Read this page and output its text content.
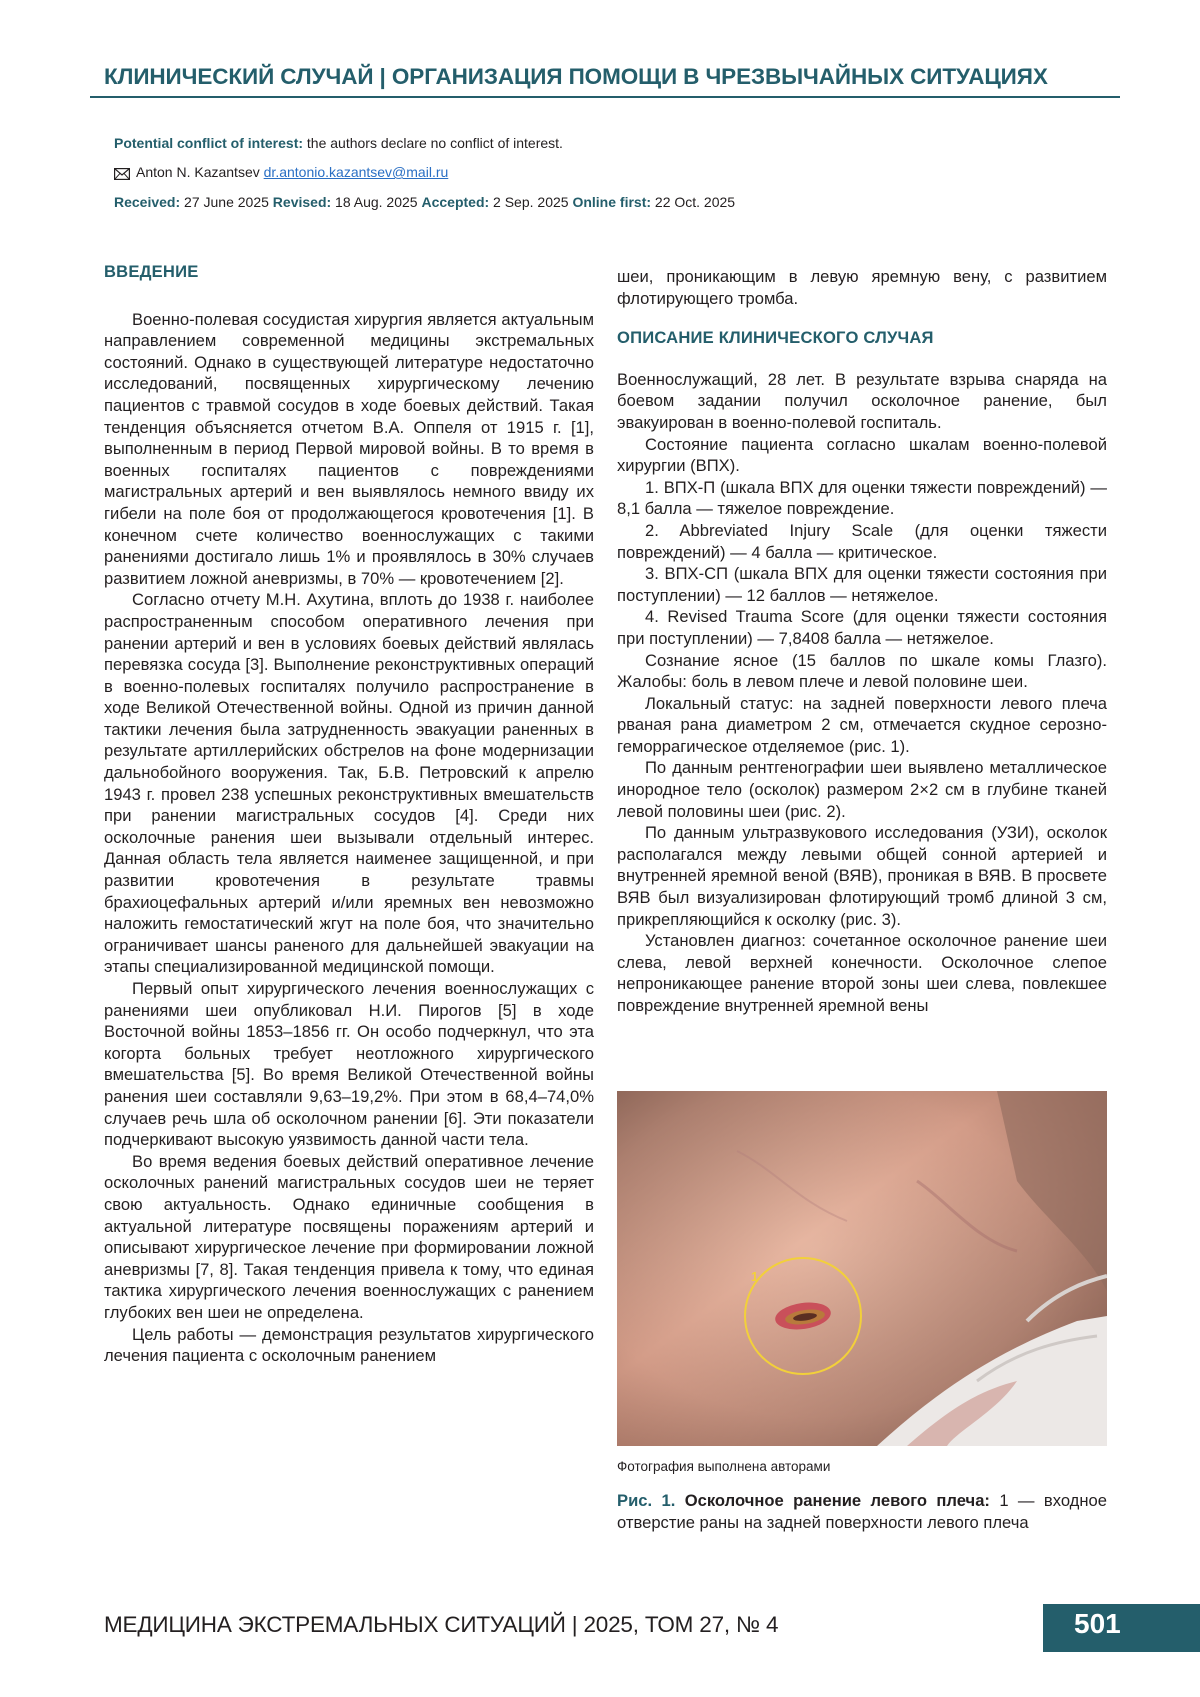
КЛИНИЧЕСКИЙ СЛУЧАЙ | ОРГАНИЗАЦИЯ ПОМОЩИ В ЧРЕЗВЫЧАЙНЫХ СИТУАЦИЯХ
Potential conflict of interest: the authors declare no conflict of interest.
Anton N. Kazantsev dr.antonio.kazantsev@mail.ru
Received: 27 June 2025 Revised: 18 Aug. 2025 Accepted: 2 Sep. 2025 Online first: 22 Oct. 2025
ВВЕДЕНИЕ

Военно-полевая сосудистая хирургия является актуальным направлением современной медицины экстремальных состояний. Однако в существующей литературе недостаточно исследований, посвященных хирургическому лечению пациентов с травмой сосудов в ходе боевых действий. Такая тенденция объясняется отчетом В.А. Оппеля от 1915 г. [1], выполненным в период Первой мировой войны. В то время в военных госпиталях пациентов с повреждениями магистральных артерий и вен выявлялось немного ввиду их гибели на поле боя от продолжающегося кровотечения [1]. В конечном счете количество военнослужащих с такими ранениями достигало лишь 1% и проявлялось в 30% случаев развитием ложной аневризмы, в 70% — кровотечением [2].

Согласно отчету М.Н. Ахутина, вплоть до 1938 г. наиболее распространенным способом оперативного лечения при ранении артерий и вен в условиях боевых действий являлась перевязка сосуда [3]. Выполнение реконструктивных операций в военно-полевых госпиталях получило распространение в ходе Великой Отечественной войны. Одной из причин данной тактики лечения была затрудненность эвакуации раненных в результате артиллерийских обстрелов на фоне модернизации дальнобойного вооружения. Так, Б.В. Петровский к апрелю 1943 г. провел 238 успешных реконструктивных вмешательств при ранении магистральных сосудов [4]. Среди них осколочные ранения шеи вызывали отдельный интерес. Данная область тела является наименее защищенной, и при развитии кровотечения в результате травмы брахиоцефальных артерий и/или яремных вен невозможно наложить гемостатический жгут на поле боя, что значительно ограничивает шансы раненого для дальнейшей эвакуации на этапы специализированной медицинской помощи.

Первый опыт хирургического лечения военнослужащих с ранениями шеи опубликовал Н.И. Пирогов [5] в ходе Восточной войны 1853–1856 гг. Он особо подчеркнул, что эта когорта больных требует неотложного хирургического вмешательства [5]. Во время Великой Отечественной войны ранения шеи составляли 9,63–19,2%. При этом в 68,4–74,0% случаев речь шла об осколочном ранении [6]. Эти показатели подчеркивают высокую уязвимость данной части тела.

Во время ведения боевых действий оперативное лечение осколочных ранений магистральных сосудов шеи не теряет свою актуальность. Однако единичные сообщения в актуальной литературе посвящены поражениям артерий и описывают хирургическое лечение при формировании ложной аневризмы [7, 8]. Такая тенденция привела к тому, что единая тактика хирургического лечения военнослужащих с ранением глубоких вен шеи не определена.

Цель работы — демонстрация результатов хирургического лечения пациента с осколочным ранением

шеи, проникающим в левую яремную вену, с развитием флотирующего тромба.

ОПИСАНИЕ КЛИНИЧЕСКОГО СЛУЧАЯ

Военнослужащий, 28 лет. В результате взрыва снаряда на боевом задании получил осколочное ранение, был эвакуирован в военно-полевой госпиталь.

Состояние пациента согласно шкалам военно-полевой хирургии (ВПХ).

1. ВПХ-П (шкала ВПХ для оценки тяжести повреждений) — 8,1 балла — тяжелое повреждение.

2. Abbreviated Injury Scale (для оценки тяжести повреждений) — 4 балла — критическое.

3. ВПХ-СП (шкала ВПХ для оценки тяжести состояния при поступлении) — 12 баллов — нетяжелое.

4. Revised Trauma Score (для оценки тяжести состояния при поступлении) — 7,8408 балла — нетяжелое.

Сознание ясное (15 баллов по шкале комы Глазго). Жалобы: боль в левом плече и левой половине шеи.

Локальный статус: на задней поверхности левого плеча рваная рана диаметром 2 см, отмечается скудное серозно-геморрагическое отделяемое (рис. 1).

По данным рентгенографии шеи выявлено металлическое инородное тело (осколок) размером 2×2 см в глубине тканей левой половины шеи (рис. 2).

По данным ультразвукового исследования (УЗИ), осколок располагался между левыми общей сонной артерией и внутренней яремной веной (ВЯВ), проникая в ВЯВ. В просвете ВЯВ был визуализирован флотирующий тромб длиной 3 см, прикрепляющийся к осколку (рис. 3).

Установлен диагноз: сочетанное осколочное ранение шеи слева, левой верхней конечности. Осколочное слепое непроникающее ранение второй зоны шеи слева, повлекшее повреждение внутренней яремной вены

1
Фотография выполнена авторами
Рис. 1. Осколочное ранение левого плеча: 1 — входное отверстие раны на задней поверхности левого плеча
МЕДИЦИНА ЭКСТРЕМАЛЬНЫХ СИТУАЦИЙ | 2025, ТОМ 27, № 4	501
